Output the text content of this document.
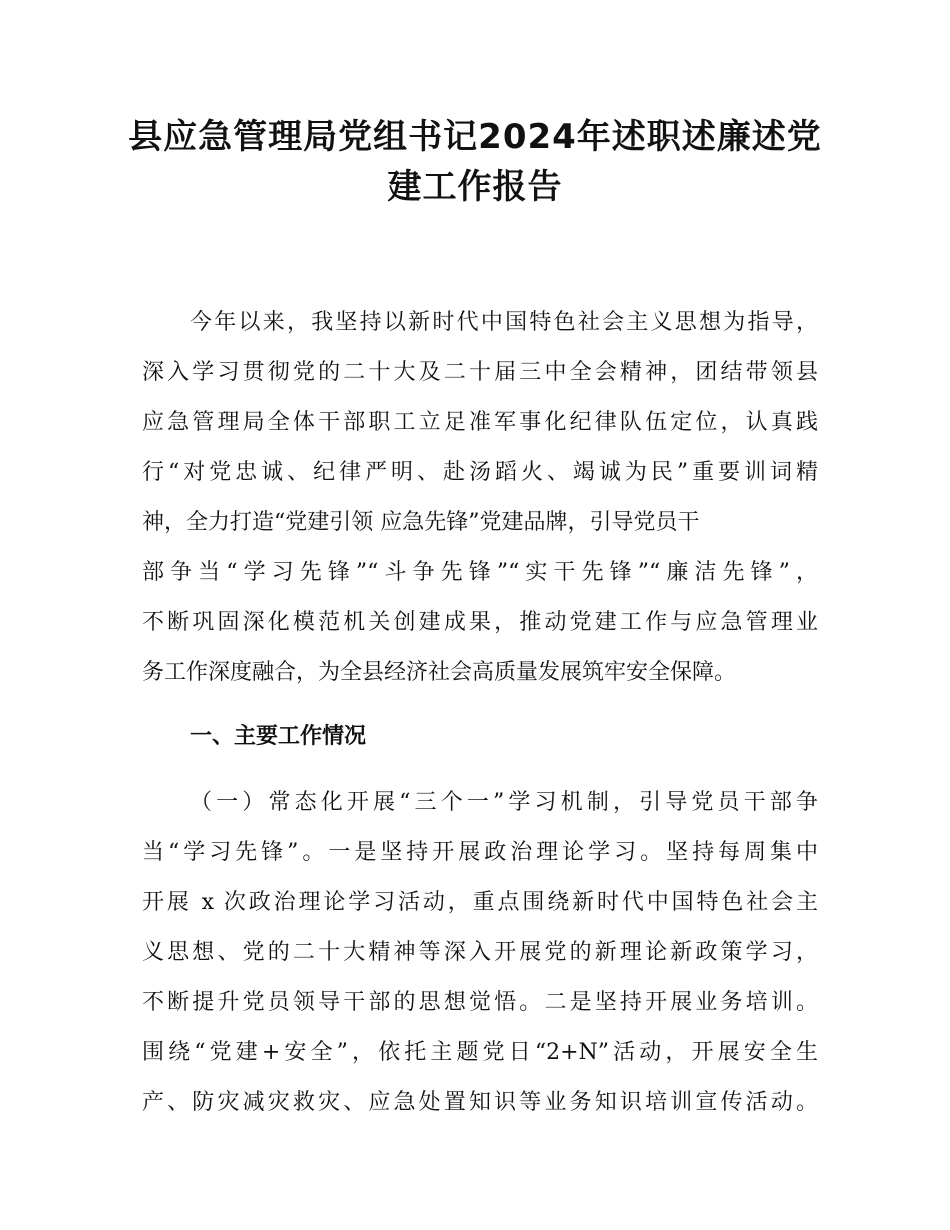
县应急管理局党组书记2024年述职述廉述党
建工作报告
今年以来，我坚持以新时代中国特色社会主义思想为指导，
深入学习贯彻党的二十大及二十届三中全会精神，团结带领县
应急管理局全体干部职工立足准军事化纪律队伍定位，认真践
行“对党忠诚、纪律严明、赴汤蹈火、竭诚为民”重要训词精
神，全力打造“党建引领 应急先锋”党建品牌，引导党员干
部争当“学习先锋”“斗争先锋”“实干先锋”“廉洁先锋”，
不断巩固深化模范机关创建成果，推动党建工作与应急管理业
务工作深度融合，为全县经济社会高质量发展筑牢安全保障。
一、主要工作情况
（一）常态化开展“三个一”学习机制，引导党员干部争
当“学习先锋”。一是坚持开展政治理论学习。坚持每周集中
开展 x 次政治理论学习活动，重点围绕新时代中国特色社会主
义思想、党的二十大精神等深入开展党的新理论新政策学习，
不断提升党员领导干部的思想觉悟。二是坚持开展业务培训。
围绕“党建+安全”，依托主题党日“2+N”活动，开展安全生
产、防灾减灾救灾、应急处置知识等业务知识培训宣传活动。
